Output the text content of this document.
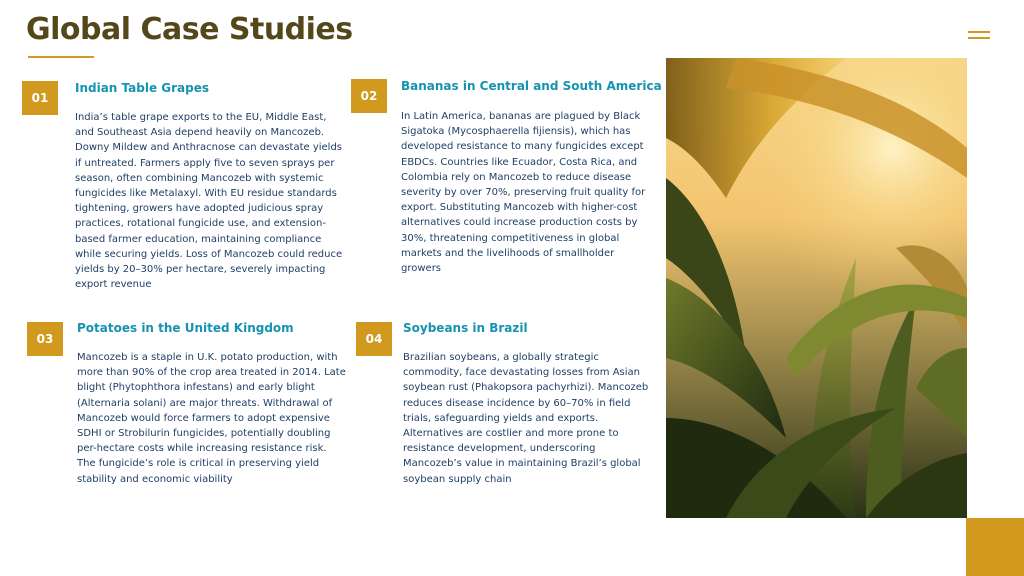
Global Case Studies
01
Indian Table Grapes

India’s table grape exports to the EU, Middle East, and Southeast Asia depend heavily on Mancozeb. Downy Mildew and Anthracnose can devastate yields if untreated. Farmers apply five to seven sprays per season, often combining Mancozeb with systemic fungicides like Metalaxyl. With EU residue standards tightening, growers have adopted judicious spray practices, rotational fungicide use, and extension-based farmer education, maintaining compliance while securing yields. Loss of Mancozeb could reduce yields by 20–30% per hectare, severely impacting export revenue

02
Bananas in Central and South America

In Latin America, bananas are plagued by Black Sigatoka (Mycosphaerella fijiensis), which has developed resistance to many fungicides except EBDCs. Countries like Ecuador, Costa Rica, and Colombia rely on Mancozeb to reduce disease severity by over 70%, preserving fruit quality for export. Substituting Mancozeb with higher-cost alternatives could increase production costs by 30%, threatening competitiveness in global markets and the livelihoods of smallholder growers

03
Potatoes in the United Kingdom

Mancozeb is a staple in U.K. potato production, with more than 90% of the crop area treated in 2014. Late blight (Phytophthora infestans) and early blight (Alternaria solani) are major threats. Withdrawal of Mancozeb would force farmers to adopt expensive SDHI or Strobilurin fungicides, potentially doubling per-hectare costs while increasing resistance risk. The fungicide’s role is critical in preserving yield stability and economic viability

04
Soybeans in Brazil

Brazilian soybeans, a globally strategic commodity, face devastating losses from Asian soybean rust (Phakopsora pachyrhizi). Mancozeb reduces disease incidence by 60–70% in field trials, safeguarding yields and exports. Alternatives are costlier and more prone to resistance development, underscoring Mancozeb’s value in maintaining Brazil’s global soybean supply chain
